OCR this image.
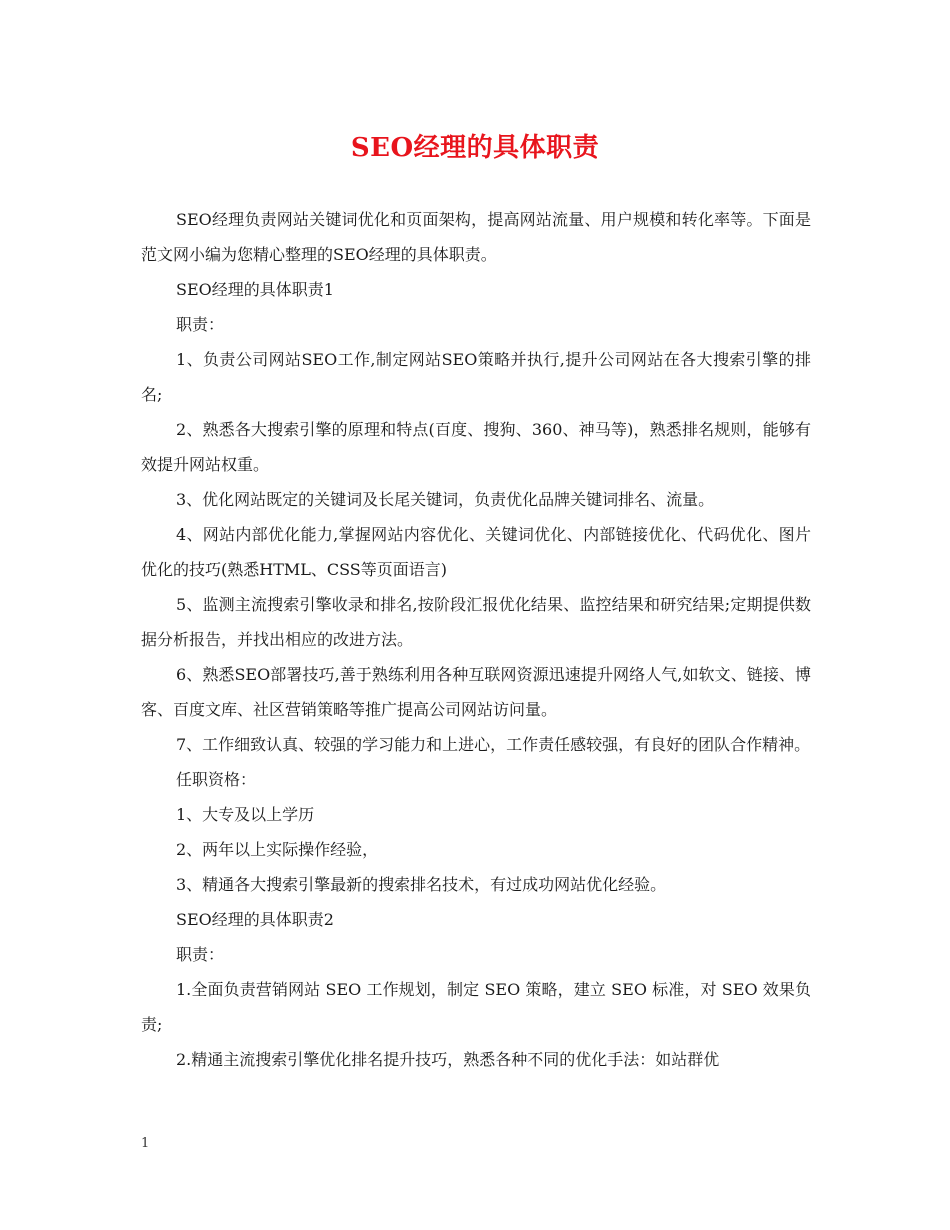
SEO经理的具体职责

SEO经理负责网站关键词优化和页面架构，提高网站流量、用户规模和转化率等。下面是范文网小编为您精心整理的SEO经理的具体职责。

SEO经理的具体职责1

职责：

1、负责公司网站SEO工作,制定网站SEO策略并执行,提升公司网站在各大搜索引擎的排名;

2、熟悉各大搜索引擎的原理和特点(百度、搜狗、360、神马等)，熟悉排名规则，能够有效提升网站权重。

3、优化网站既定的关键词及长尾关键词，负责优化品牌关键词排名、流量。

4、网站内部优化能力,掌握网站内容优化、关键词优化、内部链接优化、代码优化、图片优化的技巧(熟悉HTML、CSS等页面语言)

5、监测主流搜索引擎收录和排名,按阶段汇报优化结果、监控结果和研究结果;定期提供数据分析报告，并找出相应的改进方法。

6、熟悉SEO部署技巧,善于熟练利用各种互联网资源迅速提升网络人气,如软文、链接、博客、百度文库、社区营销策略等推广提高公司网站访问量。

7、工作细致认真、较强的学习能力和上进心，工作责任感较强，有良好的团队合作精神。

任职资格：

1、大专及以上学历

2、两年以上实际操作经验，

3、精通各大搜索引擎最新的搜索排名技术，有过成功网站优化经验。

SEO经理的具体职责2

职责：

1.全面负责营销网站 SEO 工作规划，制定 SEO 策略，建立 SEO 标准，对 SEO 效果负责;

2.精通主流搜索引擎优化排名提升技巧，熟悉各种不同的优化手法：如站群优

1
